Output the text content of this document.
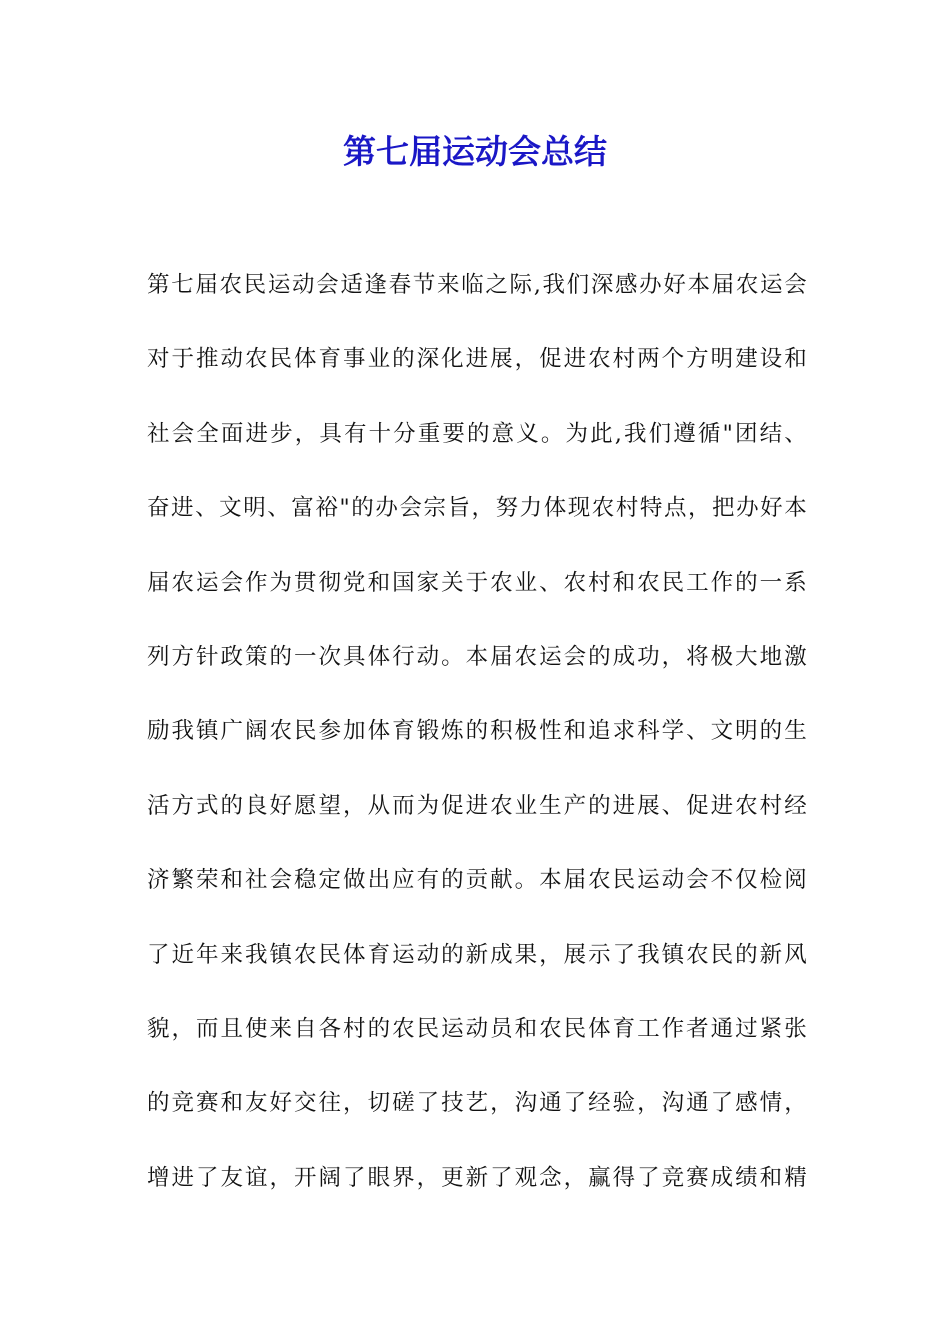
第七届运动会总结
第七届农民运动会适逢春节来临之际,我们深感办好本届农运会
对于推动农民体育事业的深化进展，促进农村两个方明建设和
社会全面进步，具有十分重要的意义。为此,我们遵循"团结、
奋进、文明、富裕"的办会宗旨，努力体现农村特点，把办好本
届农运会作为贯彻党和国家关于农业、农村和农民工作的一系
列方针政策的一次具体行动。本届农运会的成功，将极大地激
励我镇广阔农民参加体育锻炼的积极性和追求科学、文明的生
活方式的良好愿望，从而为促进农业生产的进展、促进农村经
济繁荣和社会稳定做出应有的贡献。本届农民运动会不仅检阅
了近年来我镇农民体育运动的新成果，展示了我镇农民的新风
貌，而且使来自各村的农民运动员和农民体育工作者通过紧张
的竞赛和友好交往，切磋了技艺，沟通了经验，沟通了感情，
增进了友谊，开阔了眼界，更新了观念，赢得了竞赛成绩和精
